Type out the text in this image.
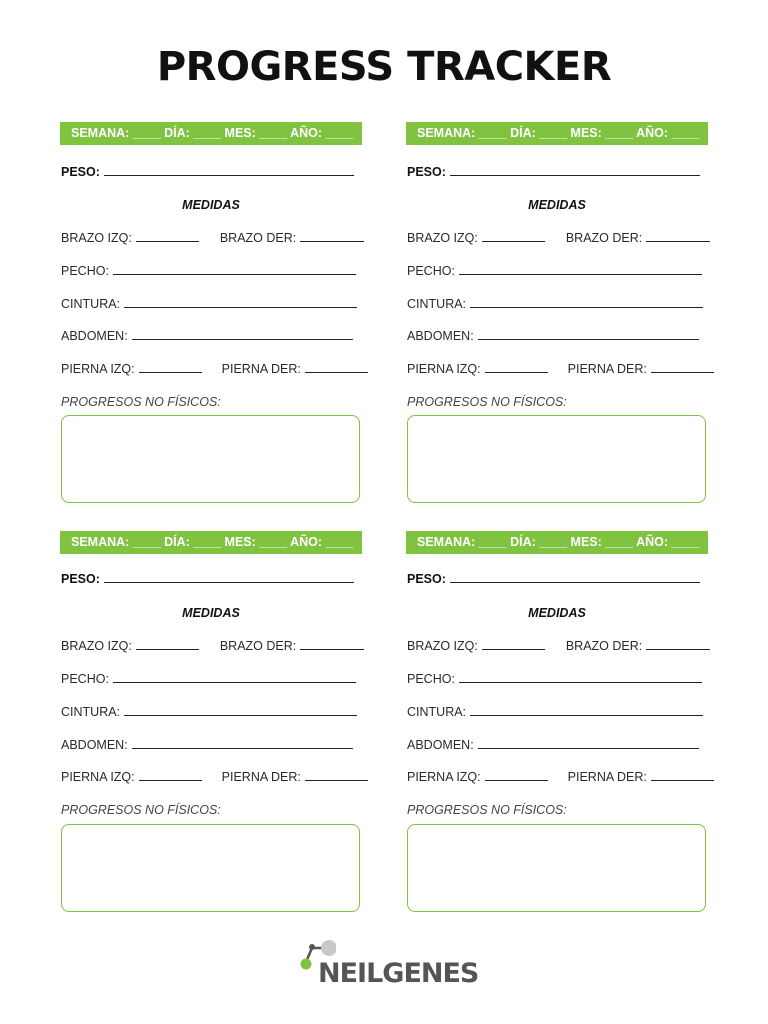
PROGRESS TRACKER
SEMANA: ____ DÍA: ____ MES: ____ AÑO: ____
PESO:
MEDIDAS
BRAZO IZQ:	BRAZO DER:
PECHO:
CINTURA:
ABDOMEN:
PIERNA IZQ:	PIERNA DER:
PROGRESOS NO FÍSICOS:
SEMANA: ____ DÍA: ____ MES: ____ AÑO: ____
PESO:
MEDIDAS
BRAZO IZQ:	BRAZO DER:
PECHO:
CINTURA:
ABDOMEN:
PIERNA IZQ:	PIERNA DER:
PROGRESOS NO FÍSICOS:
SEMANA: ____ DÍA: ____ MES: ____ AÑO: ____
PESO:
MEDIDAS
BRAZO IZQ:	BRAZO DER:
PECHO:
CINTURA:
ABDOMEN:
PIERNA IZQ:	PIERNA DER:
PROGRESOS NO FÍSICOS:
SEMANA: ____ DÍA: ____ MES: ____ AÑO: ____
PESO:
MEDIDAS
BRAZO IZQ:	BRAZO DER:
PECHO:
CINTURA:
ABDOMEN:
PIERNA IZQ:	PIERNA DER:
PROGRESOS NO FÍSICOS:
NEILGENES
